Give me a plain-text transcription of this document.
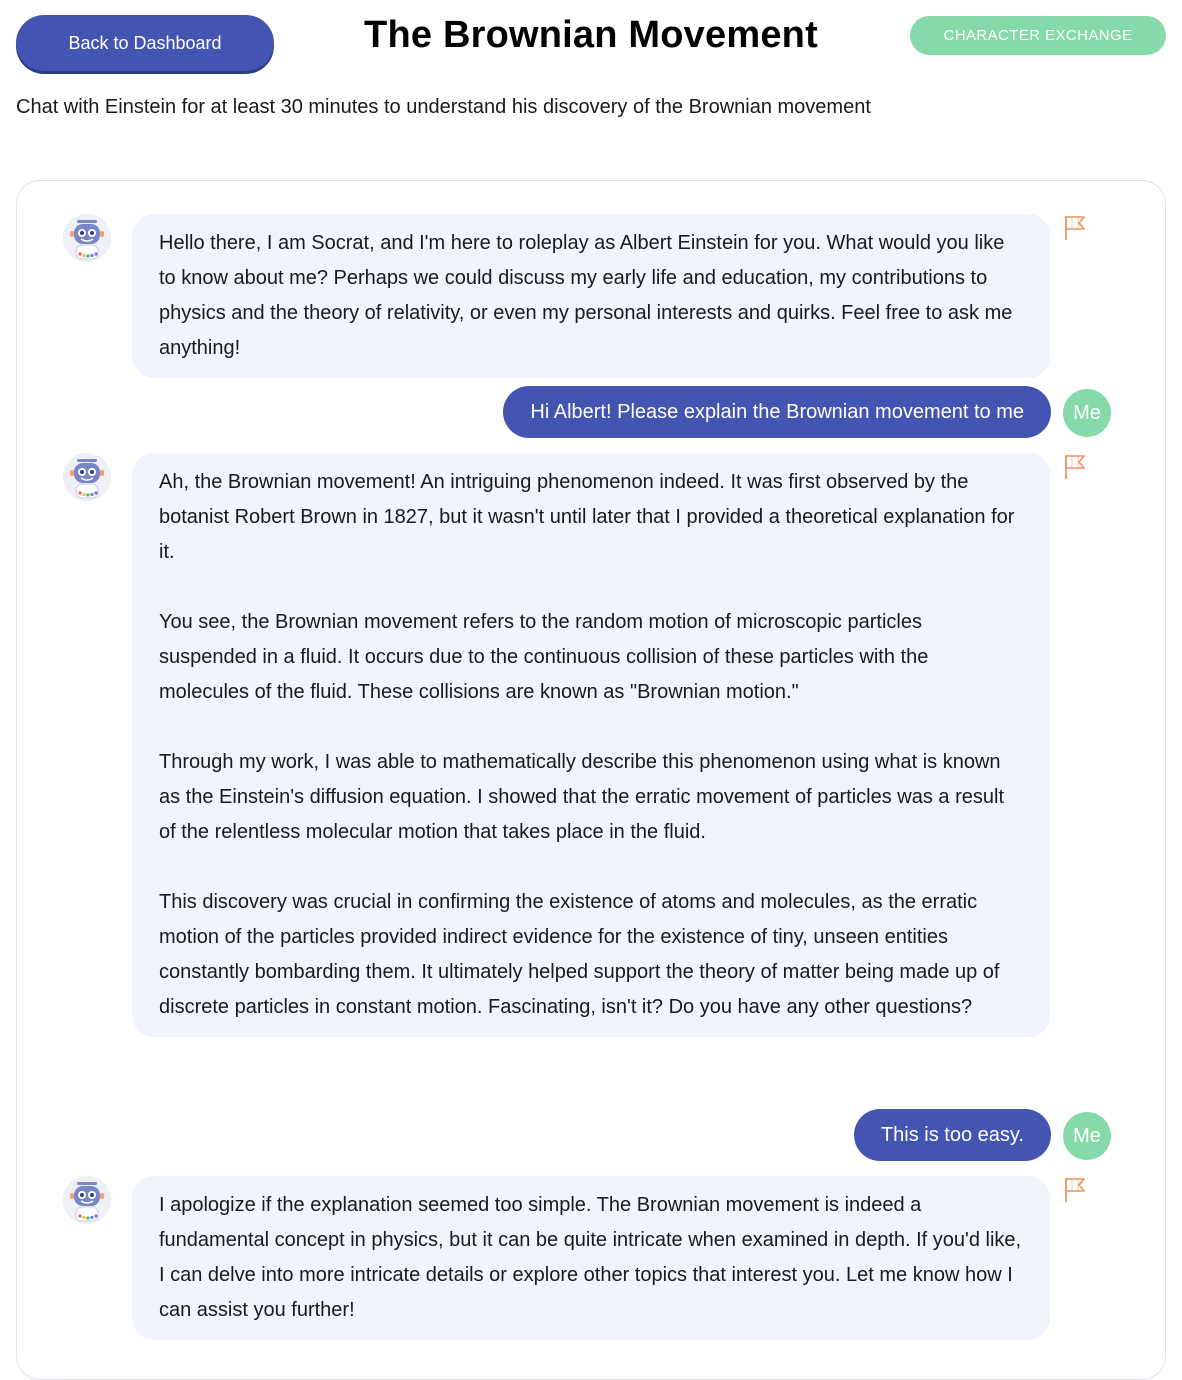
Back to Dashboard	The Brownian Movement	CHARACTER EXCHANGE
Chat with Einstein for at least 30 minutes to understand his discovery of the Brownian movement

Hello there, I am Socrat, and I'm here to roleplay as Albert Einstein for you. What would you like to know about me? Perhaps we could discuss my early life and education, my contributions to physics and the theory of relativity, or even my personal interests and quirks. Feel free to ask me anything!

Hi Albert! Please explain the Brownian movement to me	Me

Ah, the Brownian movement! An intriguing phenomenon indeed. It was first observed by the botanist Robert Brown in 1827, but it wasn't until later that I provided a theoretical explanation for it.

You see, the Brownian movement refers to the random motion of microscopic particles suspended in a fluid. It occurs due to the continuous collision of these particles with the molecules of the fluid. These collisions are known as "Brownian motion."

Through my work, I was able to mathematically describe this phenomenon using what is known as the Einstein's diffusion equation. I showed that the erratic movement of particles was a result of the relentless molecular motion that takes place in the fluid.

This discovery was crucial in confirming the existence of atoms and molecules, as the erratic motion of the particles provided indirect evidence for the existence of tiny, unseen entities constantly bombarding them. It ultimately helped support the theory of matter being made up of discrete particles in constant motion. Fascinating, isn't it? Do you have any other questions?

This is too easy.	Me

I apologize if the explanation seemed too simple. The Brownian movement is indeed a fundamental concept in physics, but it can be quite intricate when examined in depth. If you'd like, I can delve into more intricate details or explore other topics that interest you. Let me know how I can assist you further!
